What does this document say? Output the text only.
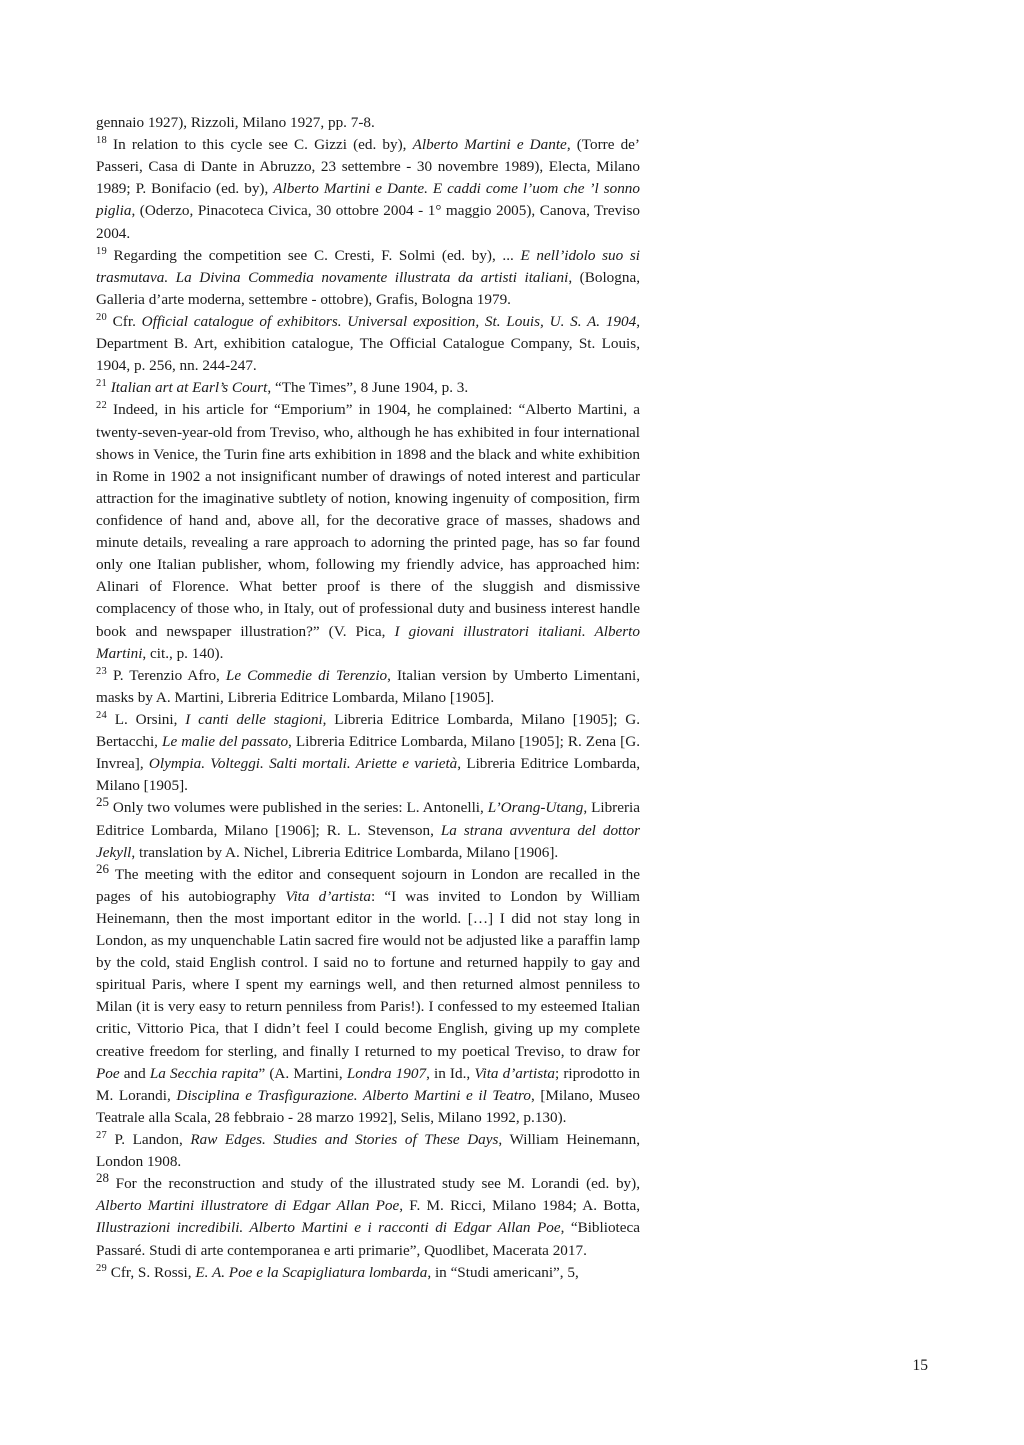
gennaio 1927), Rizzoli, Milano 1927, pp. 7-8.

$^{18}$ In relation to this cycle see C. Gizzi (ed. by), Alberto Martini e Dante, (Torre de’ Passeri, Casa di Dante in Abruzzo, 23 settembre - 30 novembre 1989), Electa, Milano 1989; P. Bonifacio (ed. by), Alberto Martini e Dante. E caddi come l’uom che ’l sonno piglia, (Oderzo, Pinacoteca Civica, 30 ottobre 2004 - 1° maggio 2005), Canova, Treviso 2004.

$^{19}$ Regarding the competition see C. Cresti, F. Solmi (ed. by), ... E nell’idolo suo si trasmutava. La Divina Commedia novamente illustrata da artisti italiani, (Bologna, Galleria d’arte moderna, settembre - ottobre), Grafis, Bologna 1979.

$^{20}$ Cfr. Official catalogue of exhibitors. Universal exposition, St. Louis, U. S. A. 1904, Department B. Art, exhibition catalogue, The Official Catalogue Company, St. Louis, 1904, p. 256, nn. 244-247.

$^{21}$ Italian art at Earl’s Court, “The Times”, 8 June 1904, p. 3.

$^{22}$ Indeed, in his article for “Emporium” in 1904, he complained: “Alberto Martini, a twenty-seven-year-old from Treviso, who, although he has exhibited in four international shows in Venice, the Turin fine arts exhibition in 1898 and the black and white exhibition in Rome in 1902 a not insignificant number of drawings of noted interest and particular attraction for the imaginative subtlety of notion, knowing ingenuity of composition, firm confidence of hand and, above all, for the decorative grace of masses, shadows and minute details, revealing a rare approach to adorning the printed page, has so far found only one Italian publisher, whom, following my friendly advice, has approached him: Alinari of Florence. What better proof is there of the sluggish and dismissive complacency of those who, in Italy, out of professional duty and business interest handle book and newspaper illustration?” (V. Pica, I giovani illustratori italiani. Alberto Martini, cit., p. 140).

$^{23}$ P. Terenzio Afro, Le Commedie di Terenzio, Italian version by Umberto Limentani, masks by A. Martini, Libreria Editrice Lombarda, Milano [1905].

$^{24}$ L. Orsini, I canti delle stagioni, Libreria Editrice Lombarda, Milano [1905]; G. Bertacchi, Le malie del passato, Libreria Editrice Lombarda, Milano [1905]; R. Zena [G. Invrea], Olympia. Volteggi. Salti mortali. Ariette e varietà, Libreria Editrice Lombarda, Milano [1905].

25 Only two volumes were published in the series: L. Antonelli, L’Orang-Utang, Libreria Editrice Lombarda, Milano [1906]; R. L. Stevenson, La strana avventura del dottor Jekyll, translation by A. Nichel, Libreria Editrice Lombarda, Milano [1906].

26 The meeting with the editor and consequent sojourn in London are recalled in the pages of his autobiography Vita d’artista: “I was invited to London by William Heinemann, then the most important editor in the world. […] I did not stay long in London, as my unquenchable Latin sacred fire would not be adjusted like a paraffin lamp by the cold, staid English control. I said no to fortune and returned happily to gay and spiritual Paris, where I spent my earnings well, and then returned almost penniless to Milan (it is very easy to return penniless from Paris!). I confessed to my esteemed Italian critic, Vittorio Pica, that I didn’t feel I could become English, giving up my complete creative freedom for sterling, and finally I returned to my poetical Treviso, to draw for Poe and La Secchia rapita” (A. Martini, Londra 1907, in Id., Vita d’artista; riprodotto in M. Lorandi, Disciplina e Trasfigurazione. Alberto Martini e il Teatro, [Milano, Museo Teatrale alla Scala, 28 febbraio - 28 marzo 1992], Selis, Milano 1992, p.130).

$^{27}$ P. Landon, Raw Edges. Studies and Stories of These Days, William Heinemann, London 1908.

28 For the reconstruction and study of the illustrated study see M. Lorandi (ed. by), Alberto Martini illustratore di Edgar Allan Poe, F. M. Ricci, Milano 1984; A. Botta, Illustrazioni incredibili. Alberto Martini e i racconti di Edgar Allan Poe, “Biblioteca Passaré. Studi di arte contemporanea e arti primarie”, Quodlibet, Macerata 2017.

$^{29}$ Cfr, S. Rossi, E. A. Poe e la Scapigliatura lombarda, in “Studi americani”, 5,

15
